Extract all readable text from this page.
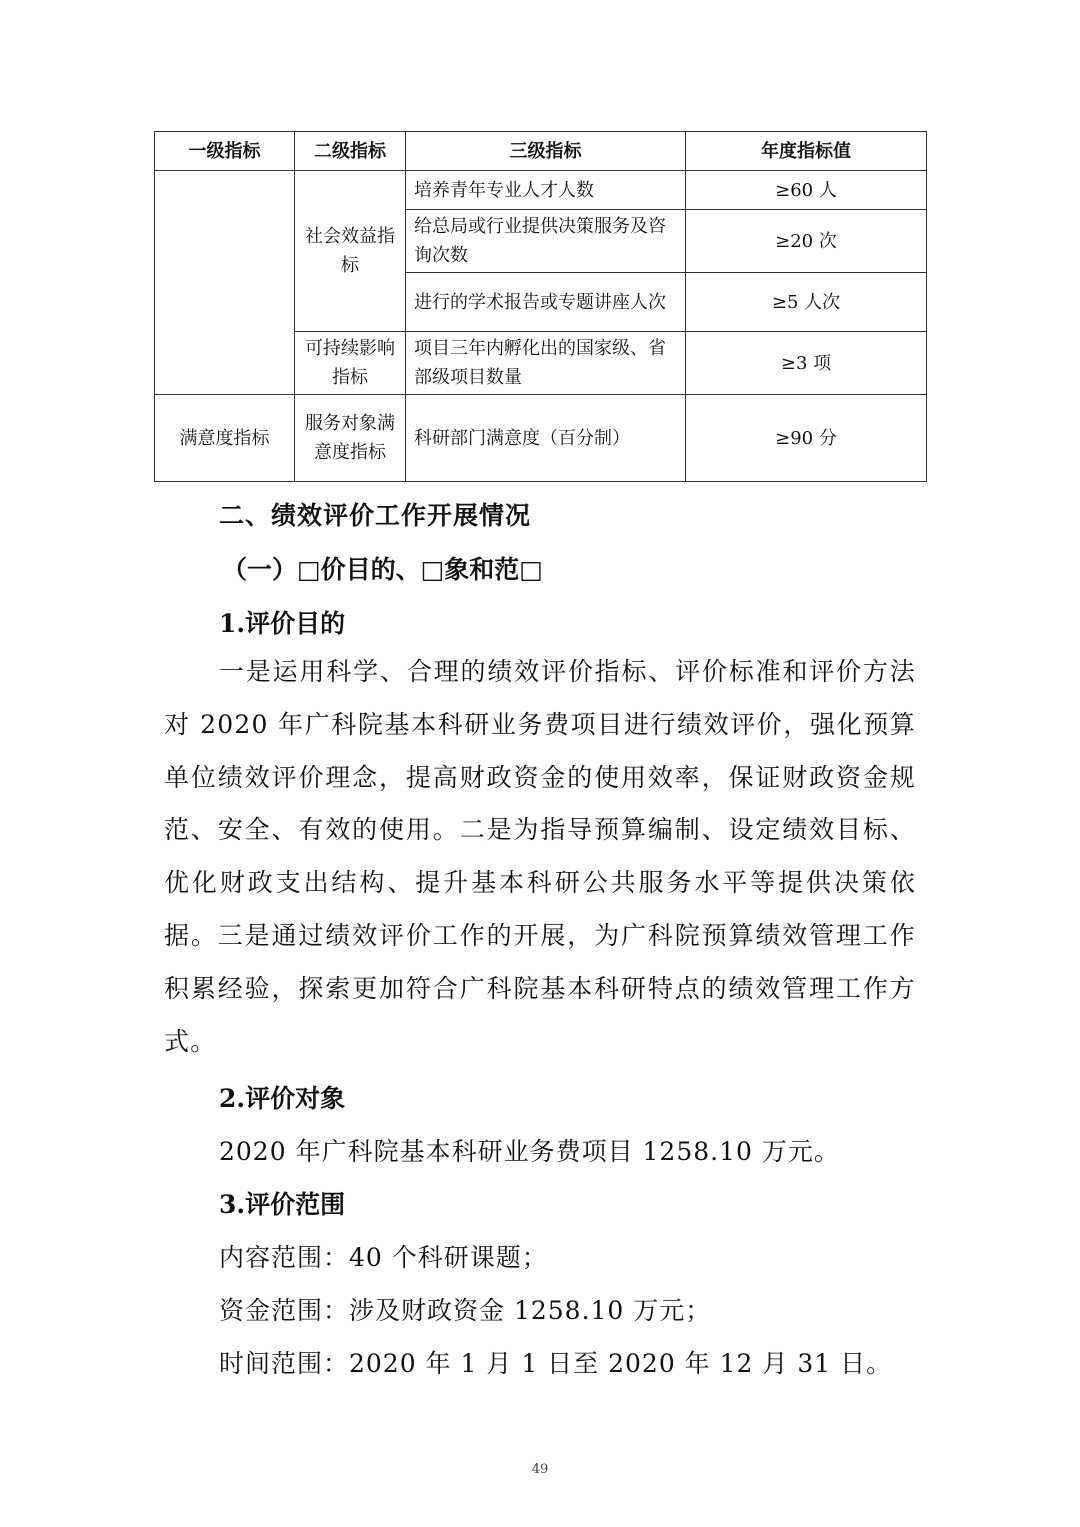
一级指标	二级指标	三级指标	年度指标值
	社会效益指标	培养青年专业人才人数	≥60 人
		给总局或行业提供决策服务及咨询次数	≥20 次
		进行的学术报告或专题讲座人次	≥5 人次
	可持续影响指标	项目三年内孵化出的国家级、省部级项目数量	≥3 项
满意度指标	服务对象满意度指标	科研部门满意度（百分制）	≥90 分
二、绩效评价工作开展情况
（一）□价目的、□象和范□
1.评价目的
一是运用科学、合理的绩效评价指标、评价标准和评价方法对 2020 年广科院基本科研业务费项目进行绩效评价，强化预算单位绩效评价理念，提高财政资金的使用效率，保证财政资金规范、安全、有效的使用。二是为指导预算编制、设定绩效目标、优化财政支出结构、提升基本科研公共服务水平等提供决策依据。三是通过绩效评价工作的开展，为广科院预算绩效管理工作积累经验，探索更加符合广科院基本科研特点的绩效管理工作方式。
2.评价对象
2020 年广科院基本科研业务费项目 1258.10 万元。
3.评价范围
内容范围：40 个科研课题；
资金范围：涉及财政资金 1258.10 万元；
时间范围：2020 年 1 月 1 日至 2020 年 12 月 31 日。
49
